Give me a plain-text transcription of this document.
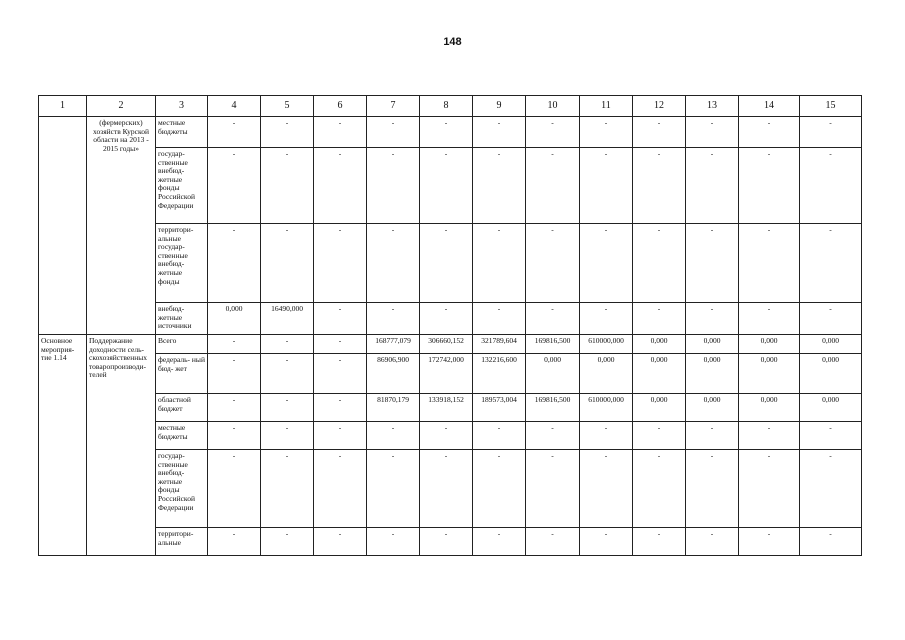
148
1	2	3	4	5	6	7	8	9	10	11	12	13	14	15
	(фермерских) хозяйств Курской области на 2013 - 2015 годы»	местные бюджеты	-	-	-	-	-	-	-	-	-	-	-	-
		государ- ственные внебюд- жетные фонды Российской Федерации	-	-	-	-	-	-	-	-	-	-	-	-
		территори- альные государ- ственные внебюд- жетные фонды	-	-	-	-	-	-	-	-	-	-	-	-
		внебюд- жетные источники	0,000	16490,000	-	-	-	-	-	-	-	-	-	-
Основное мероприя- тие 1.14	Поддержание доходности сель- скохозяйственных товаропроизводи- телей	Всего	-	-	-	168777,079	306660,152	321789,604	169816,500	610000,000	0,000	0,000	0,000	0,000
		федераль- ный бюд- жет	-	-	-	86906,900	172742,000	132216,600	0,000	0,000	0,000	0,000	0,000	0,000
		областной бюджет	-	-	-	81870,179	133918,152	189573,004	169816,500	610000,000	0,000	0,000	0,000	0,000
		местные бюджеты	-	-	-	-	-	-	-	-	-	-	-	-
		государ- ственные внебюд- жетные фонды Российской Федерации	-	-	-	-	-	-	-	-	-	-	-	-
		территори- альные	-	-	-	-	-	-	-	-	-	-	-	-
